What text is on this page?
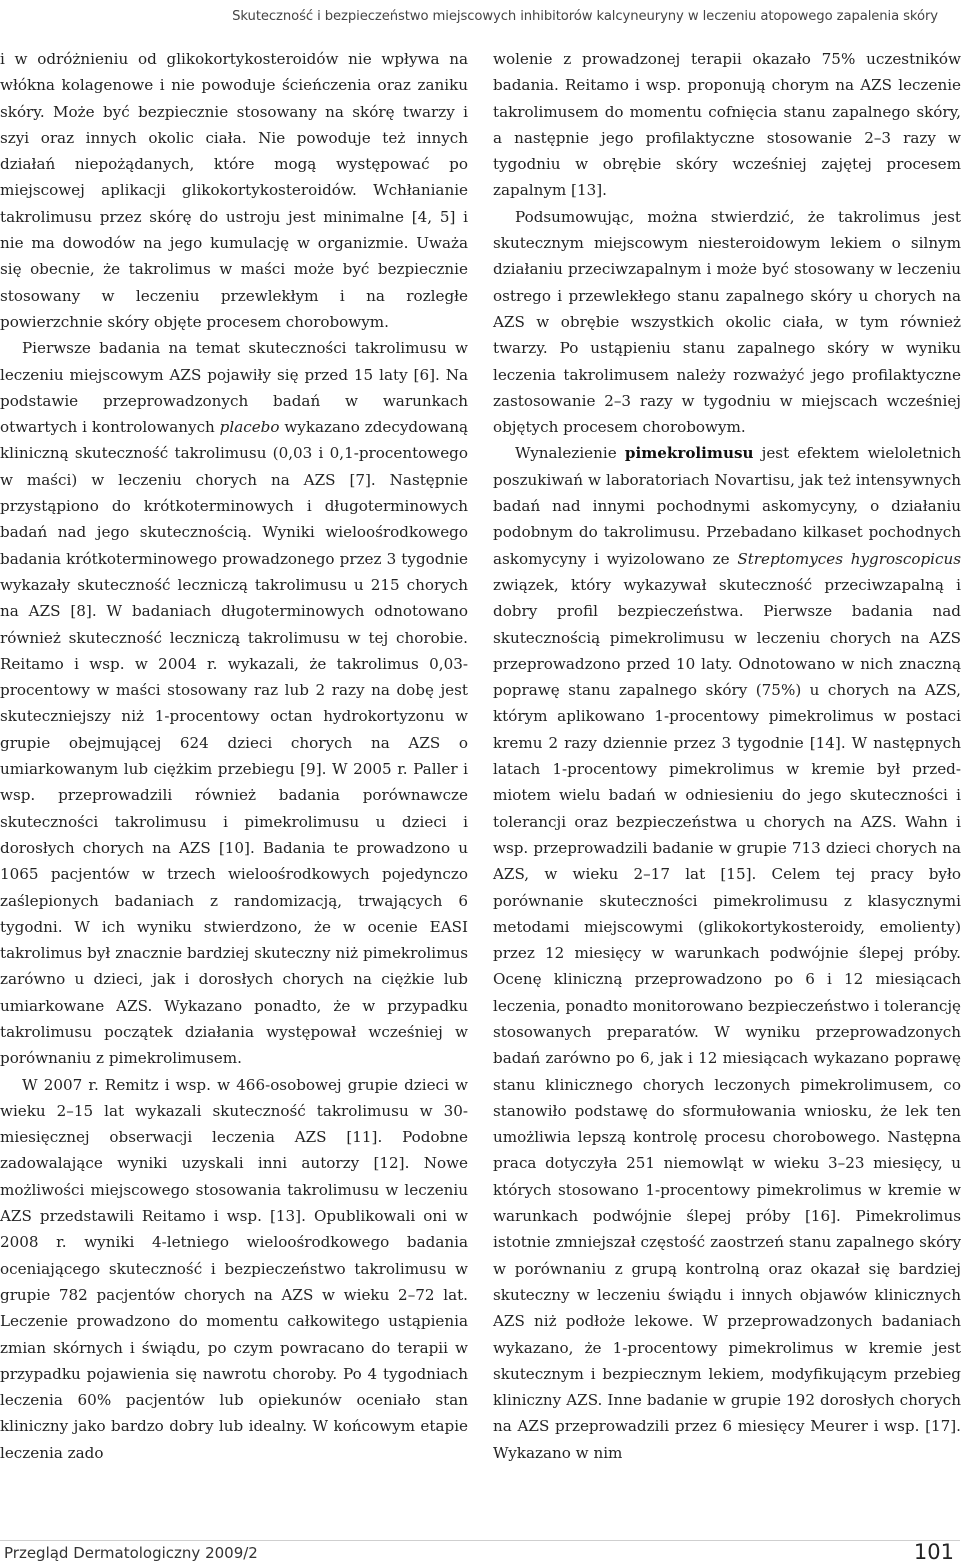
Skuteczność i bezpieczeństwo miejscowych inhibitorów kalcyneuryny w leczeniu atopowego zapalenia skóry

i w odróżnieniu od glikokortykosteroidów nie wpływa na włókna kolagenowe i nie powoduje ścieńczenia oraz zaniku skóry. Może być bezpiecznie stosowany na skórę twarzy i szyi oraz innych okolic ciała. Nie powoduje też innych działań niepożądanych, które mogą występować po miejscowej aplikacji glikokortykosteroidów. Wchłanianie takrolimusu przez skórę do ustroju jest minimalne [4, 5] i nie ma dowodów na jego kumulację w organizmie. Uważa się obecnie, że takrolimus w maści może być bezpiecznie stosowany w leczeniu przewlekłym i na rozległe powierzchnie skóry objęte procesem chorobowym.

Pierwsze badania na temat skuteczności takrolimusu w leczeniu miejscowym AZS pojawiły się przed 15 laty [6]. Na podstawie przeprowadzonych badań w warunkach otwartych i kontrolowanych placebo wykazano zdecydowaną kliniczną skuteczność takrolimusu (0,03 i 0,1-procentowego w maści) w leczeniu chorych na AZS [7]. Następnie przystąpiono do krótkoterminowych i długoterminowych badań nad jego skutecznością. Wyniki wieloośrodkowego badania krótkoterminowego prowadzonego przez 3 tygodnie wykazały skuteczność leczniczą takrolimusu u 215 chorych na AZS [8]. W badaniach długoterminowych odnotowano również skuteczność leczniczą takrolimusu w tej chorobie. Reitamo i wsp. w 2004 r. wykazali, że takrolimus 0,03-procentowy w maści stosowany raz lub 2 razy na dobę jest skuteczniejszy niż 1-procentowy octan hydrokortyzonu w grupie obejmującej 624 dzieci chorych na AZS o umiarkowanym lub ciężkim przebiegu [9]. W 2005 r. Paller i wsp. przeprowadzili również badania porównawcze skuteczności takrolimusu i pimekrolimusu u dzieci i dorosłych chorych na AZS [10]. Badania te prowadzono u 1065 pacjentów w trzech wieloośrodkowych pojedynczo zaślepionych badaniach z randomizacją, trwających 6 tygodni. W ich wyniku stwierdzono, że w ocenie EASI takrolimus był znacznie bardziej skuteczny niż pimekrolimus zarówno u dzieci, jak i dorosłych chorych na ciężkie lub umiarkowane AZS. Wykazano ponadto, że w przypadku takrolimusu początek działania występował wcześniej w porównaniu z pimekrolimusem.

W 2007 r. Remitz i wsp. w 466-osobowej grupie dzieci w wieku 2–15 lat wykazali skuteczność takrolimusu w 30-miesięcznej obserwacji leczenia AZS [11]. Podobne zadowalające wyniki uzyskali inni autorzy [12]. Nowe możliwości miejscowego stosowania takrolimusu w leczeniu AZS przedstawili Reitamo i wsp. [13]. Opublikowali oni w 2008 r. wyniki 4-letniego wieloośrodkowego badania oceniającego skuteczność i bezpieczeństwo takrolimusu w grupie 782 pacjentów chorych na AZS w wieku 2–72 lat. Leczenie prowadzono do momentu całkowitego ustąpienia zmian skórnych i świądu, po czym powracano do terapii w przypadku pojawienia się nawrotu choroby. Po 4 tygodniach leczenia 60% pacjentów lub opiekunów oceniało stan kliniczny jako bardzo dobry lub idealny. W końcowym etapie leczenia zado

wolenie z prowadzonej terapii okazało 75% uczestników badania. Reitamo i wsp. proponują chorym na AZS leczenie takrolimusem do momentu cofnięcia stanu zapalnego skóry, a następnie jego profilaktyczne stosowanie 2–3 razy w tygodniu w obrębie skóry wcześniej zajętej procesem zapalnym [13].

Podsumowując, można stwierdzić, że takrolimus jest skutecznym miejscowym niesteroidowym lekiem o silnym działaniu przeciwzapalnym i może być stosowany w leczeniu ostrego i przewlekłego stanu zapalnego skóry u chorych na AZS w obrębie wszystkich okolic ciała, w tym również twarzy. Po ustąpieniu stanu zapalnego skóry w wyniku leczenia takrolimusem należy rozważyć jego profilaktyczne zastosowanie 2–3 razy w tygodniu w miejscach wcześniej objętych procesem chorobowym.

Wynalezienie pimekrolimusu jest efektem wieloletnich poszukiwań w laboratoriach Novartisu, jak też intensywnych badań nad innymi pochodnymi askomycyny, o działaniu podobnym do takrolimusu. Przebadano kilkaset pochodnych askomycyny i wyizolowano ze Streptomyces hygroscopicus związek, który wykazywał skuteczność przeciwzapalną i dobry profil bezpieczeństwa. Pierwsze badania nad skutecznością pimekrolimusu w leczeniu chorych na AZS przeprowadzono przed 10 laty. Odnotowano w nich znaczną poprawę stanu zapalnego skóry (75%) u chorych na AZS, którym aplikowano 1-procentowy pimekrolimus w postaci kremu 2 razy dziennie przez 3 tygodnie [14]. W następnych latach 1-procentowy pimekrolimus w kremie był przedmiotem wielu badań w odniesieniu do jego skuteczności i tolerancji oraz bezpieczeństwa u chorych na AZS. Wahn i wsp. przeprowadzili badanie w grupie 713 dzieci chorych na AZS, w wieku 2–17 lat [15]. Celem tej pracy było porównanie skuteczności pimekrolimusu z klasycznymi metodami miejscowymi (glikokortykosteroidy, emolienty) przez 12 miesięcy w warunkach podwójnie ślepej próby. Ocenę kliniczną przeprowadzono po 6 i 12 miesiącach leczenia, ponadto monitorowano bezpieczeństwo i tolerancję stosowanych preparatów. W wyniku przeprowadzonych badań zarówno po 6, jak i 12 miesiącach wykazano poprawę stanu klinicznego chorych leczonych pimekrolimusem, co stanowiło podstawę do sformułowania wniosku, że lek ten umożliwia lepszą kontrolę procesu chorobowego. Następna praca dotyczyła 251 niemowląt w wieku 3–23 miesięcy, u których stosowano 1-procentowy pimekrolimus w kremie w warunkach podwójnie ślepej próby [16]. Pimekrolimus istotnie zmniejszał częstość zaostrzeń stanu zapalnego skóry w porównaniu z grupą kontrolną oraz okazał się bardziej skuteczny w leczeniu świądu i innych objawów klinicznych AZS niż podłoże lekowe. W przeprowadzonych badaniach wykazano, że 1-procentowy pimekrolimus w kremie jest skutecznym i bezpiecznym lekiem, modyfikującym przebieg kliniczny AZS. Inne badanie w grupie 192 dorosłych chorych na AZS przeprowadzili przez 6 miesięcy Meurer i wsp. [17]. Wykazano w nim

Przegląd Dermatologiczny 2009/2	101
